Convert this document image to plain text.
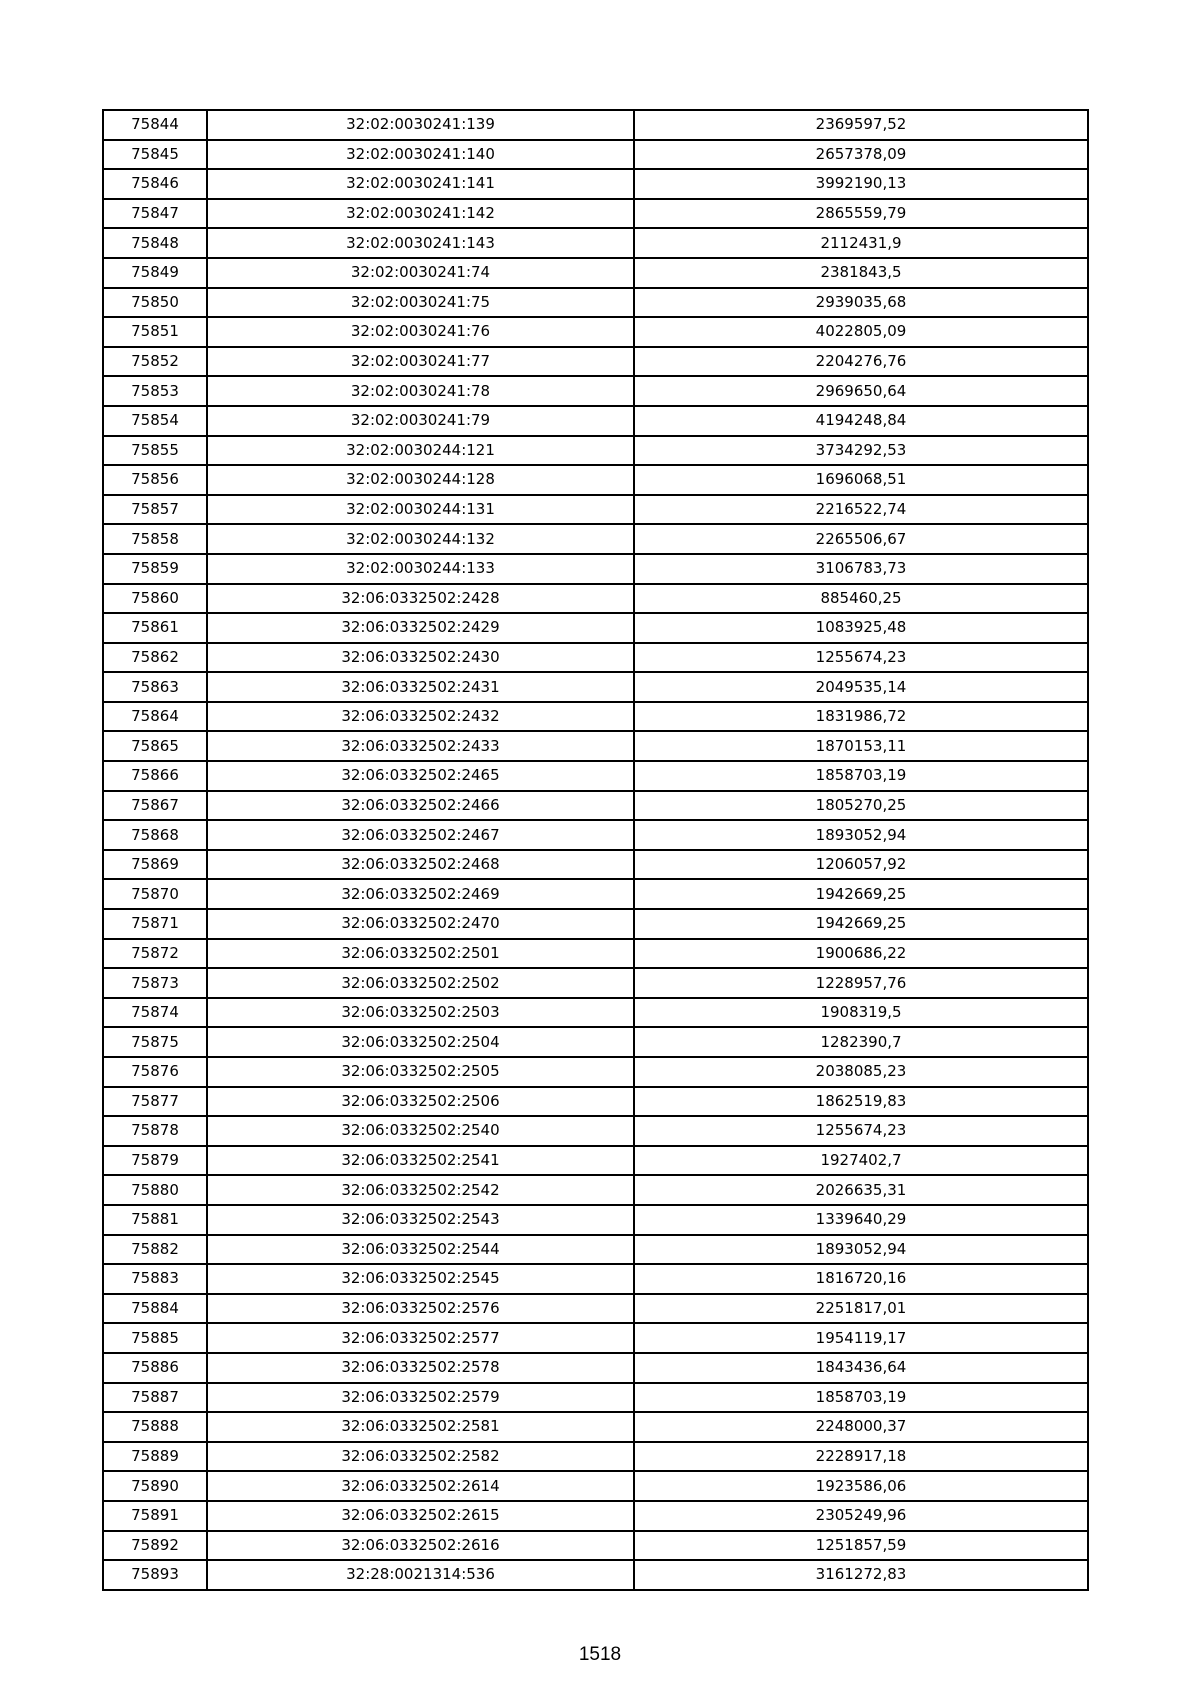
75844	32:02:0030241:139	2369597,52
75845	32:02:0030241:140	2657378,09
75846	32:02:0030241:141	3992190,13
75847	32:02:0030241:142	2865559,79
75848	32:02:0030241:143	2112431,9
75849	32:02:0030241:74	2381843,5
75850	32:02:0030241:75	2939035,68
75851	32:02:0030241:76	4022805,09
75852	32:02:0030241:77	2204276,76
75853	32:02:0030241:78	2969650,64
75854	32:02:0030241:79	4194248,84
75855	32:02:0030244:121	3734292,53
75856	32:02:0030244:128	1696068,51
75857	32:02:0030244:131	2216522,74
75858	32:02:0030244:132	2265506,67
75859	32:02:0030244:133	3106783,73
75860	32:06:0332502:2428	885460,25
75861	32:06:0332502:2429	1083925,48
75862	32:06:0332502:2430	1255674,23
75863	32:06:0332502:2431	2049535,14
75864	32:06:0332502:2432	1831986,72
75865	32:06:0332502:2433	1870153,11
75866	32:06:0332502:2465	1858703,19
75867	32:06:0332502:2466	1805270,25
75868	32:06:0332502:2467	1893052,94
75869	32:06:0332502:2468	1206057,92
75870	32:06:0332502:2469	1942669,25
75871	32:06:0332502:2470	1942669,25
75872	32:06:0332502:2501	1900686,22
75873	32:06:0332502:2502	1228957,76
75874	32:06:0332502:2503	1908319,5
75875	32:06:0332502:2504	1282390,7
75876	32:06:0332502:2505	2038085,23
75877	32:06:0332502:2506	1862519,83
75878	32:06:0332502:2540	1255674,23
75879	32:06:0332502:2541	1927402,7
75880	32:06:0332502:2542	2026635,31
75881	32:06:0332502:2543	1339640,29
75882	32:06:0332502:2544	1893052,94
75883	32:06:0332502:2545	1816720,16
75884	32:06:0332502:2576	2251817,01
75885	32:06:0332502:2577	1954119,17
75886	32:06:0332502:2578	1843436,64
75887	32:06:0332502:2579	1858703,19
75888	32:06:0332502:2581	2248000,37
75889	32:06:0332502:2582	2228917,18
75890	32:06:0332502:2614	1923586,06
75891	32:06:0332502:2615	2305249,96
75892	32:06:0332502:2616	1251857,59
75893	32:28:0021314:536	3161272,83
1518
